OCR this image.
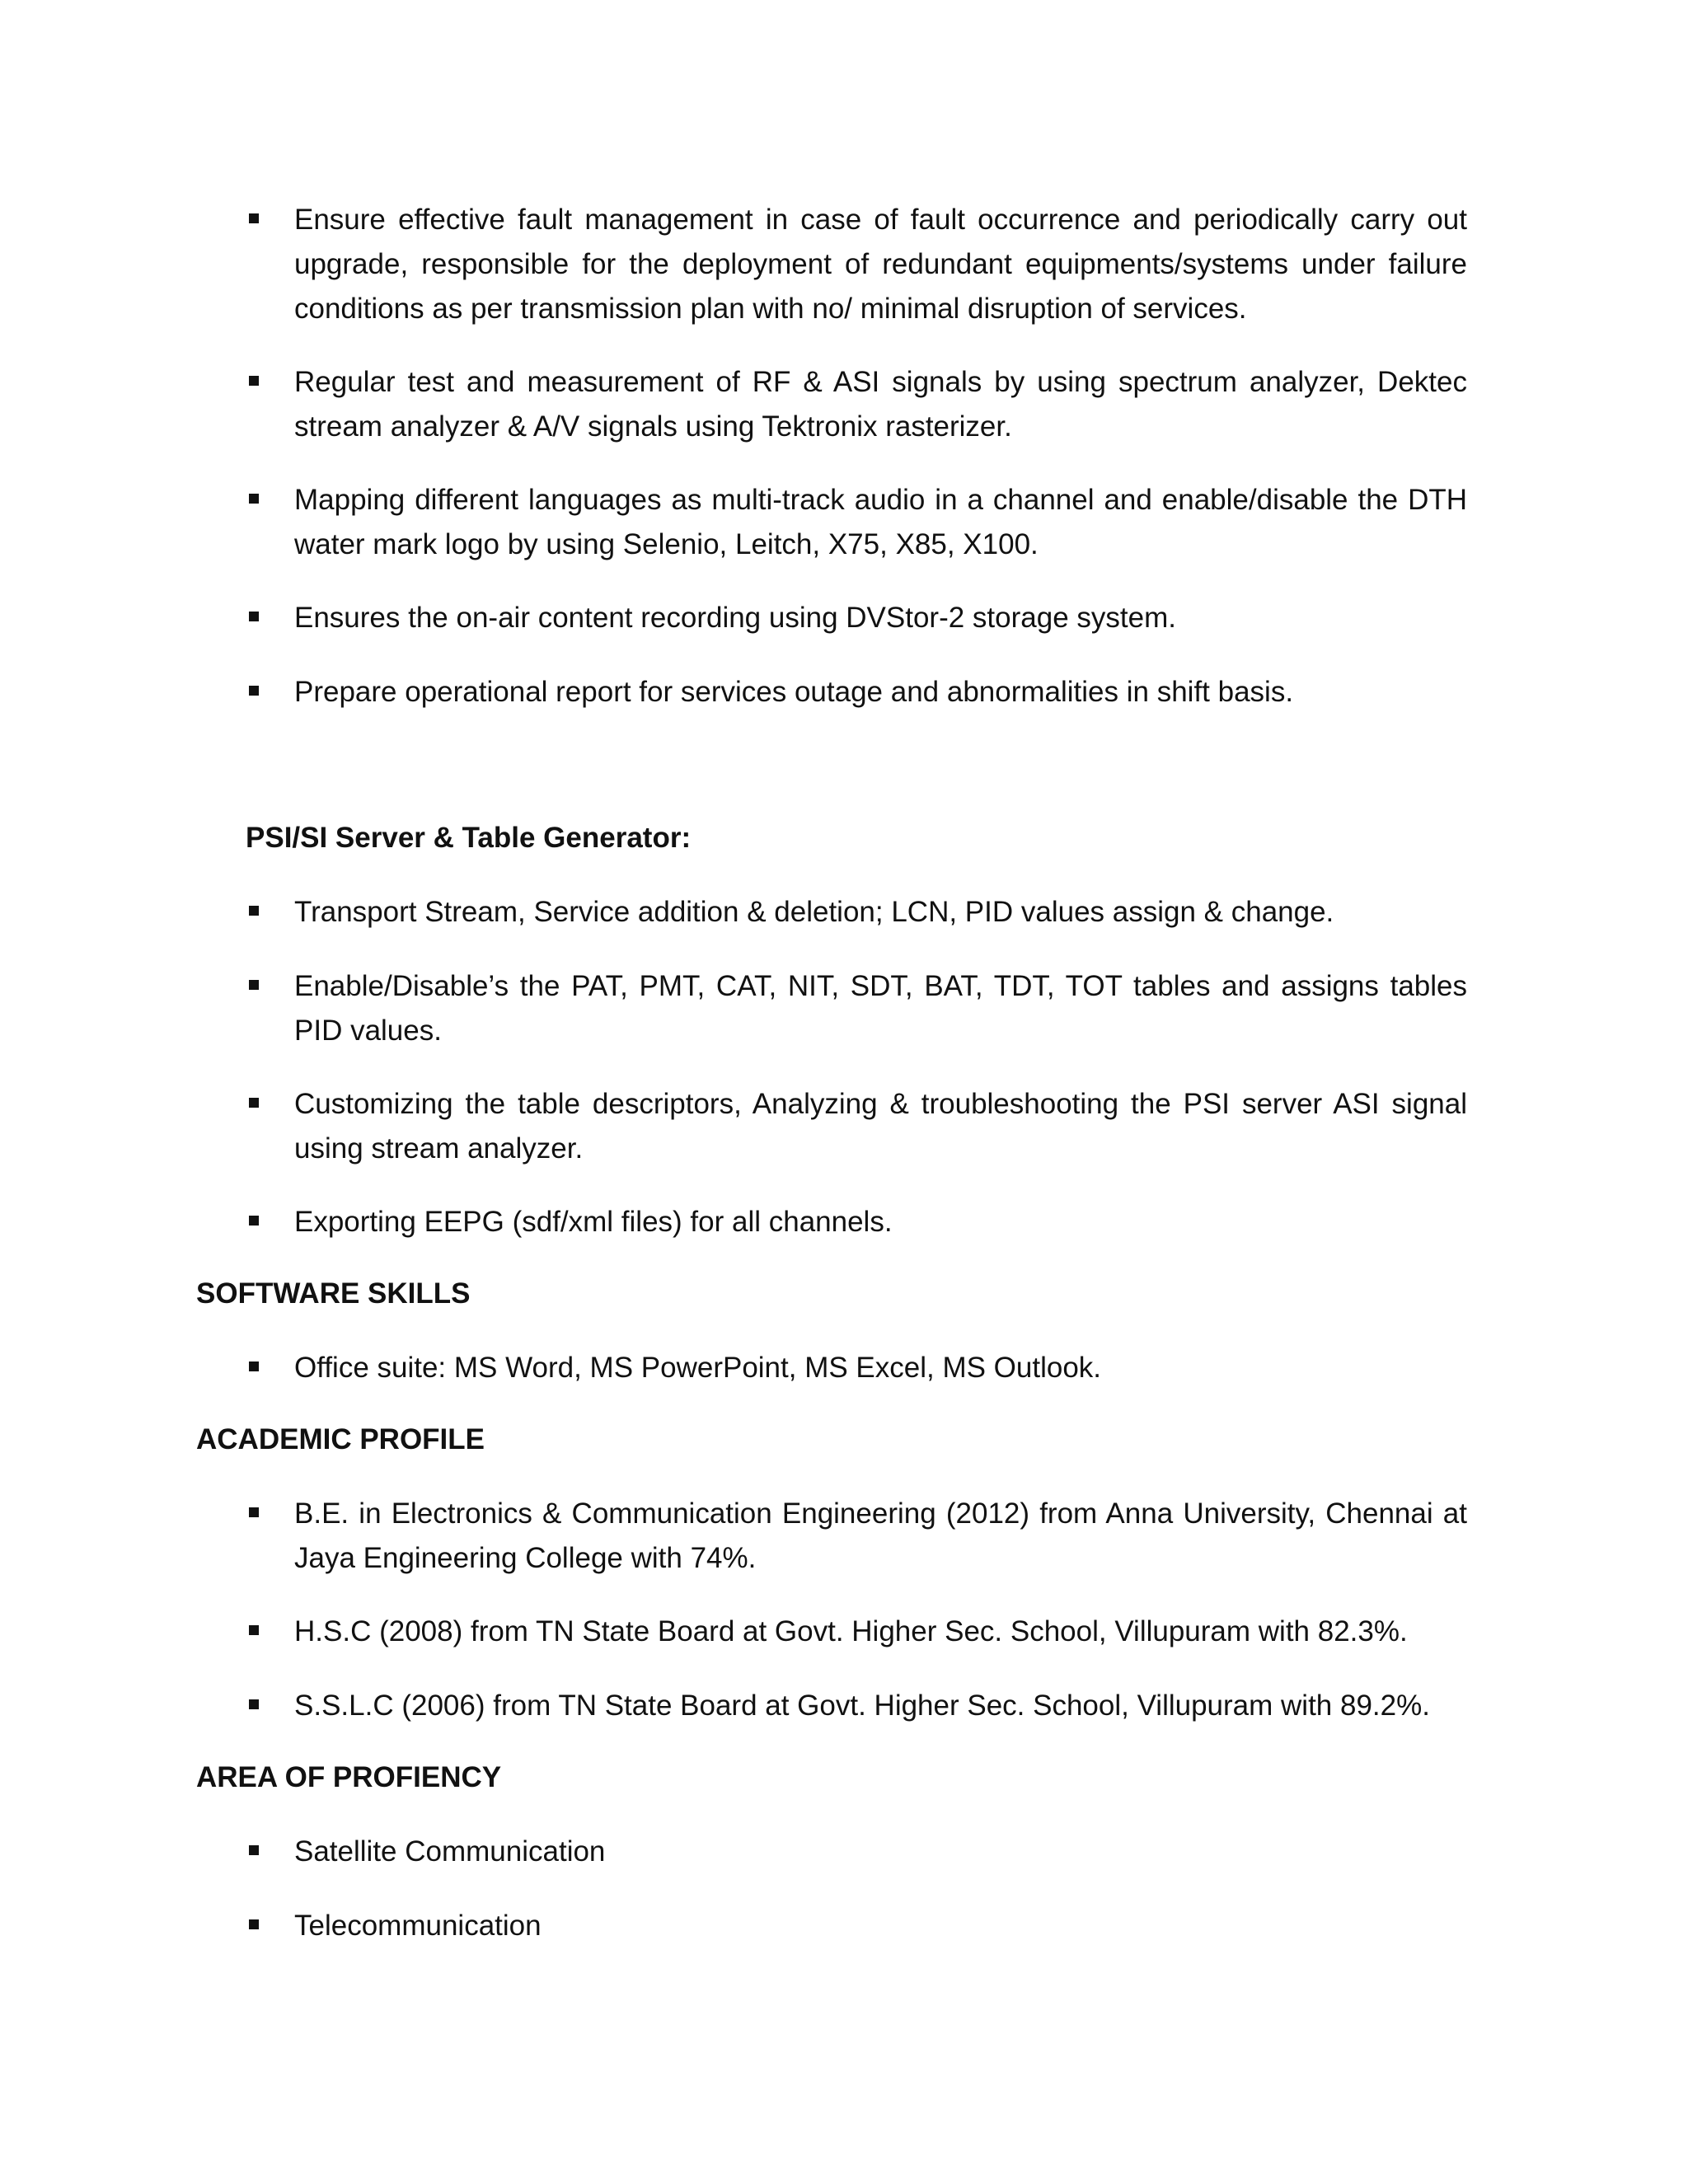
Ensure effective fault management in case of fault occurrence and periodically carry out upgrade, responsible for the deployment of redundant equipments/systems under failure conditions as per transmission plan with no/ minimal disruption of services.
Regular test and measurement of RF & ASI signals by using spectrum analyzer, Dektec stream analyzer & A/V signals using Tektronix rasterizer.
Mapping different languages as multi-track audio in a channel and enable/disable the DTH water mark logo by using Selenio, Leitch, X75, X85, X100.
Ensures the on-air content recording using DVStor-2 storage system.
Prepare operational report for services outage and abnormalities in shift basis.
PSI/SI Server & Table Generator:
Transport Stream, Service addition & deletion; LCN, PID values assign & change.
Enable/Disable’s the PAT, PMT, CAT, NIT, SDT, BAT, TDT, TOT tables and assigns tables PID values.
Customizing the table descriptors, Analyzing & troubleshooting the PSI server ASI signal using stream analyzer.
Exporting EEPG (sdf/xml files) for all channels.
SOFTWARE SKILLS
Office suite: MS Word, MS PowerPoint, MS Excel, MS Outlook.
ACADEMIC PROFILE
B.E. in Electronics & Communication Engineering (2012) from Anna University, Chennai at Jaya Engineering College with 74%.
H.S.C (2008) from TN State Board at Govt. Higher Sec. School, Villupuram with 82.3%.
S.S.L.C (2006) from TN State Board at Govt. Higher Sec. School, Villupuram with 89.2%.
AREA OF PROFIENCY
Satellite Communication
Telecommunication
